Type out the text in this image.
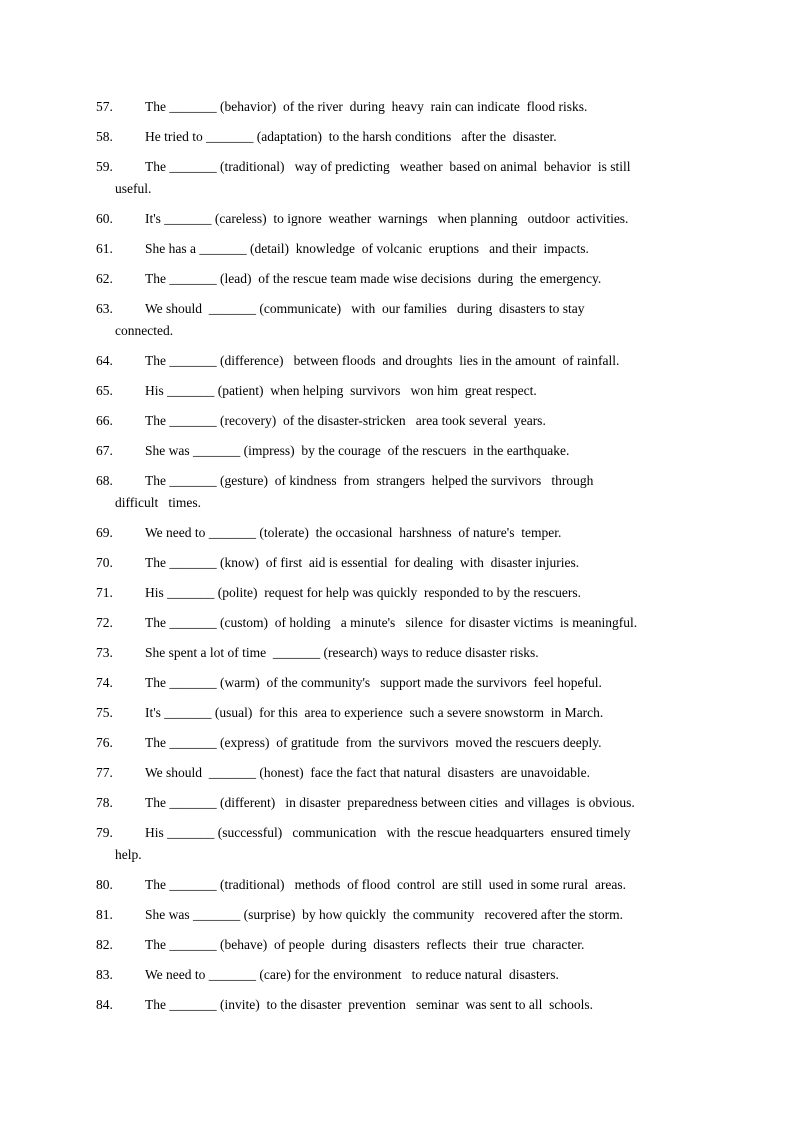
57.	The _______ (behavior)  of the river  during  heavy  rain can indicate  flood risks.
58.	He tried to _______ (adaptation)  to the harsh conditions   after the  disaster.
59.	The _______ (traditional)   way of predicting   weather  based on animal  behavior  is still
useful.
60.	It's _______ (careless)  to ignore  weather  warnings   when planning   outdoor  activities.
61.	She has a _______ (detail)  knowledge  of volcanic  eruptions   and their  impacts.
62.	The _______ (lead)  of the rescue team made wise decisions  during  the emergency.
63.	We should  _______ (communicate)   with  our families   during  disasters to stay
connected.
64.	The _______ (difference)   between floods  and droughts  lies in the amount  of rainfall.
65.	His _______ (patient)  when helping  survivors   won him  great respect.
66.	The _______ (recovery)  of the disaster-stricken   area took several  years.
67.	She was _______ (impress)  by the courage  of the rescuers  in the earthquake.
68.	The _______ (gesture)  of kindness  from  strangers  helped the survivors   through
difficult   times.
69.	We need to _______ (tolerate)  the occasional  harshness  of nature's  temper.
70.	The _______ (know)  of first  aid is essential  for dealing  with  disaster injuries.
71.	His _______ (polite)  request for help was quickly  responded to by the rescuers.
72.	The _______ (custom)  of holding   a minute's   silence  for disaster victims  is meaningful.
73.	She spent a lot of time  _______ (research) ways to reduce disaster risks.
74.	The _______ (warm)  of the community's   support made the survivors  feel hopeful.
75.	It's _______ (usual)  for this  area to experience  such a severe snowstorm  in March.
76.	The _______ (express)  of gratitude  from  the survivors  moved the rescuers deeply.
77.	We should  _______ (honest)  face the fact that natural  disasters  are unavoidable.
78.	The _______ (different)   in disaster  preparedness between cities  and villages  is obvious.
79.	His _______ (successful)   communication   with  the rescue headquarters  ensured timely
help.
80.	The _______ (traditional)   methods  of flood  control  are still  used in some rural  areas.
81.	She was _______ (surprise)  by how quickly  the community   recovered after the storm.
82.	The _______ (behave)  of people  during  disasters  reflects  their  true  character.
83.	We need to _______ (care) for the environment   to reduce natural  disasters.
84.	The _______ (invite)  to the disaster  prevention   seminar  was sent to all  schools.
